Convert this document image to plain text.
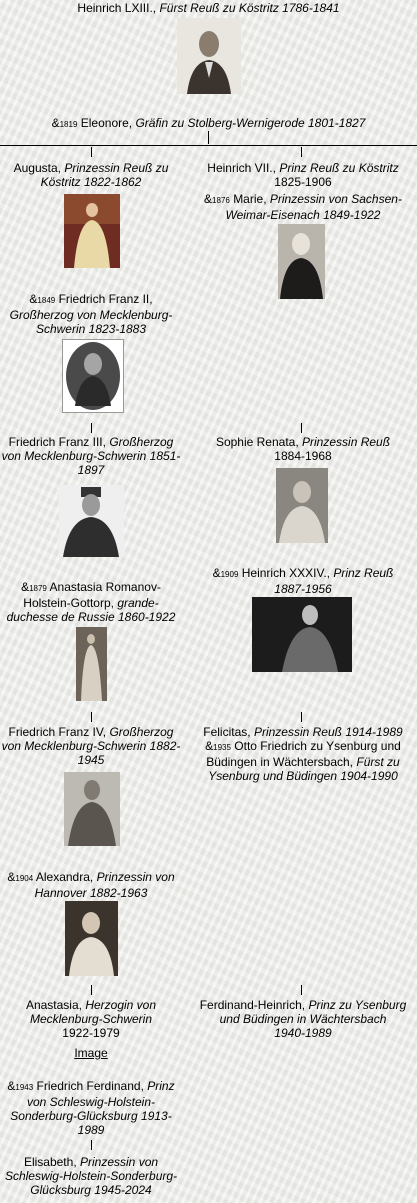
Heinrich LXIII., Fürst Reuß zu Köstritz 1786-1841
&1819 Eleonore, Gräfin zu Stolberg-Wernigerode 1801-1827
Augusta, Prinzessin Reuß zu
Köstritz 1822-1862
&1849 Friedrich Franz II,
Großherzog von Mecklenburg-Schwerin 1823-1883
Friedrich Franz III, Großherzog von Mecklenburg-Schwerin 1851-1897
&1879 Anastasia Romanov-Holstein-Gottorp, grande-duchesse de Russie 1860-1922
Friedrich Franz IV, Großherzog von Mecklenburg-Schwerin 1882-1945
&1904 Alexandra, Prinzessin von Hannover 1882-1963
Anastasia, Herzogin von Mecklenburg-Schwerin
1922-1979
Image
&1943 Friedrich Ferdinand, Prinz von Schleswig-Holstein-Sonderburg-Glücksburg 1913-1989
Elisabeth, Prinzessin von Schleswig-Holstein-Sonderburg-Glücksburg 1945-2024
Heinrich VII., Prinz Reuß zu Köstritz
1825-1906
&1876 Marie, Prinzessin von Sachsen-Weimar-Eisenach 1849-1922
Sophie Renata, Prinzessin Reuß
1884-1968
&1909 Heinrich XXXIV., Prinz Reuß
1887-1956
Felicitas, Prinzessin Reuß 1914-1989
&1935 Otto Friedrich zu Ysenburg und Büdingen in Wächtersbach, Fürst zu Ysenburg und Büdingen 1904-1990
Ferdinand-Heinrich, Prinz zu Ysenburg und Büdingen in Wächtersbach
1940-1989
